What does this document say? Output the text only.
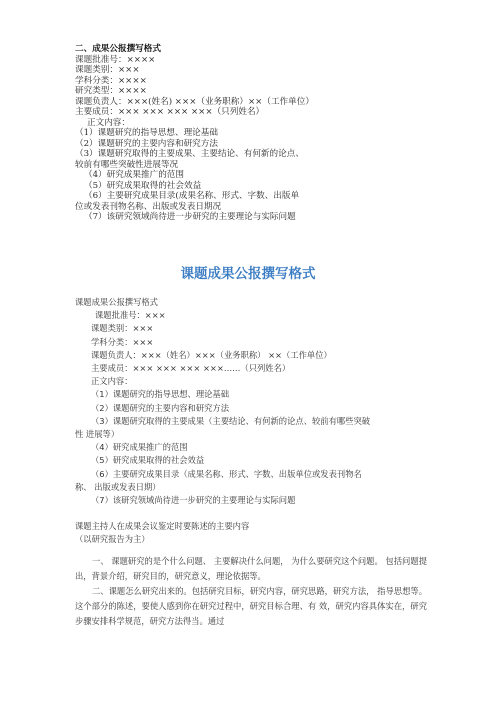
二、成果公报撰写格式
课题批准号：××××
课题类别：×××
学科分类：××××
研究类型：××××
课题负责人：×××(姓名) ×××（业务职称）××（工作单位）
主要成员：××× ××× ××× ×××（只列姓名）
正文内容：
（1）课题研究的指导思想、理论基础
（2）课题研究的主要内容和研究方法
（3）课题研究取得的主要成果、主要结论、有何新的论点、
较前有哪些突破性进展等况
（4）研究成果推广的范围
（5）研究成果取得的社会效益
（6）主要研究成果目录(成果名称、形式、字数、出版单
位或发表刊物名称、出版或发表日期况
（7）该研究领域尚待进一步研究的主要理论与实际问题
课题成果公报撰写格式
课题成果公报撰写格式
课题批准号：×××
课题类别：×××
学科分类：×××
课题负责人：×××（姓名）×××（业务职称） ××（工作单位）
主要成员：××× ××× ××× ×××……（只列姓名）
正文内容：
（1）课题研究的指导思想、理论基础
（2）课题研究的主要内容和研究方法
（3）课题研究取得的主要成果（主要结论、有何新的论点、较前有哪些突破
性 进展等）
（4）研究成果推广的范围
（5）研究成果取得的社会效益
（6）主要研究成果目录（成果名称、形式、字数、出版单位或发表刊物名
称、 出版或发表日期）
（7）该研究领域尚待进一步研究的主要理论与实际问题
课题主持人在成果会议鉴定时要陈述的主要内容
（以研究报告为主）
一、 课题研究的是个什么问题、 主要解决什么问题， 为什么要研究这个问题。 包括问题提出，背景介绍，研究目的，研究意义，理论依据等。
二、课题怎么研究出来的。包括研究目标，研究内容，研究思路，研究方法， 指导思想等。这个部分的陈述，要使人感到你在研究过程中，研究目标合理、有 效，研究内容具体实在，研究步骤安排科学规范，研究方法得当。通过
